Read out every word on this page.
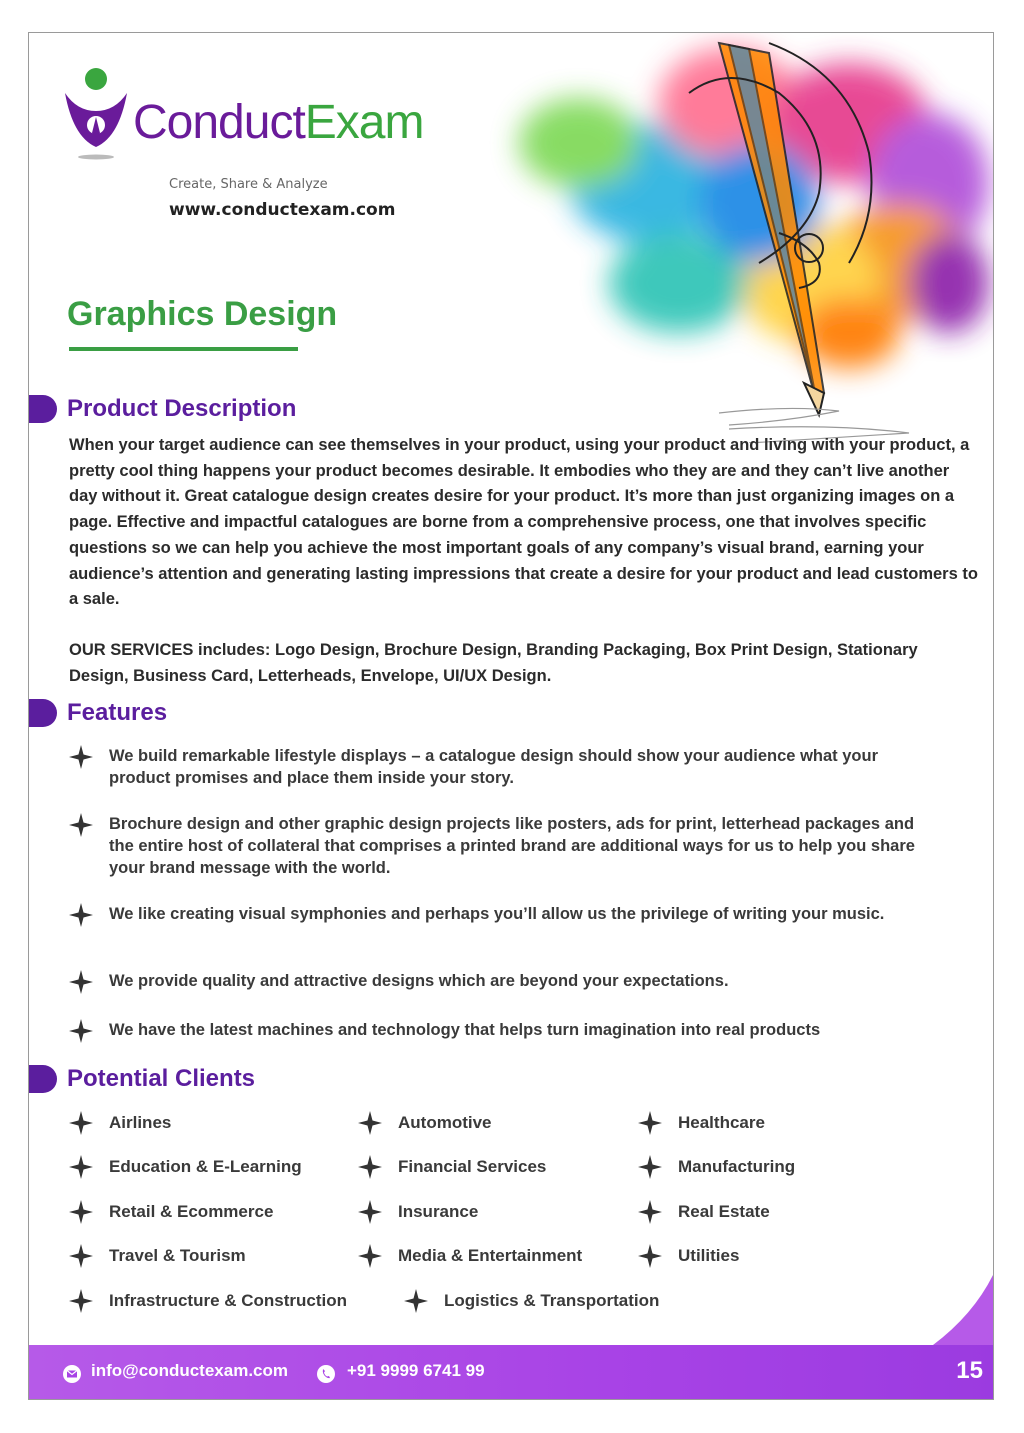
ConductExam
Create, Share & Analyze
www.conductexam.com
Graphics Design
Product Description

When your target audience can see themselves in your product, using your product and living with your product, a pretty cool thing happens your product becomes desirable. It embodies who they are and they can’t live another day without it. Great catalogue design creates desire for your product. It’s more than just organizing images on a page. Effective and impactful catalogues are borne from a comprehensive process, one that involves specific questions so we can help you achieve the most important goals of any company’s visual brand, earning your audience’s attention and generating lasting impressions that create a desire for your product and lead customers to a sale.

OUR SERVICES includes: Logo Design, Brochure Design, Branding Packaging, Box Print Design, Stationary Design, Business Card, Letterheads, Envelope, UI/UX Design.

Features
We build remarkable lifestyle displays – a catalogue design should show your audience what your product promises and place them inside your story.
Brochure design and other graphic design projects like posters, ads for print, letterhead packages and the entire host of collateral that comprises a printed brand are additional ways for us to help you share your brand message with the world.
We like creating visual symphonies and perhaps you’ll allow us the privilege of writing your music.
We provide quality and attractive designs which are beyond your expectations.
We have the latest machines and technology that helps turn imagination into real products
Potential Clients
Airlines	Automotive	Healthcare
Education & E-Learning	Financial Services	Manufacturing
Retail & Ecommerce	Insurance	Real Estate
Travel & Tourism	Media & Entertainment	Utilities
Infrastructure & Construction	Logistics & Transportation
info@conductexam.com	+91 9999 6741 99	15
